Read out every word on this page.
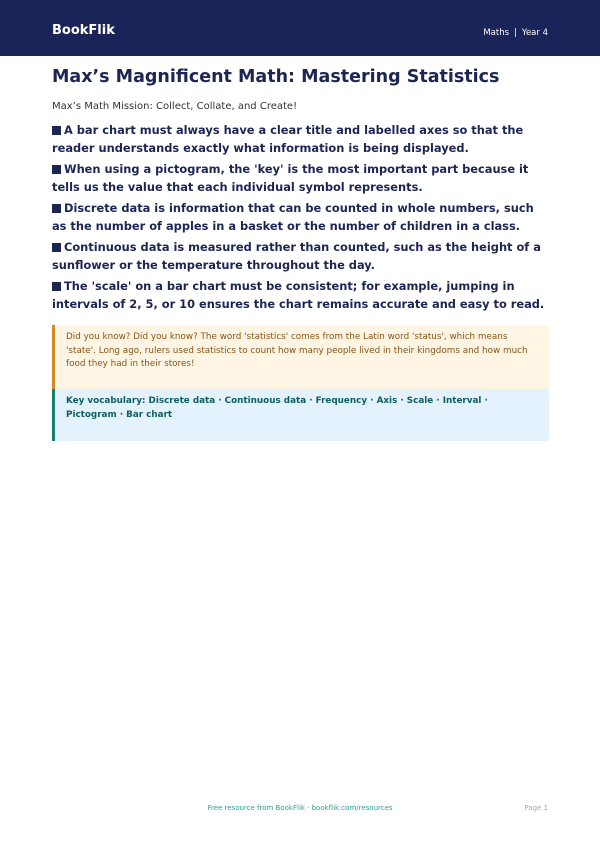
BookFlik	Maths | Year 4
Max’s Magnificent Math: Mastering Statistics
Max’s Math Mission: Collect, Collate, and Create!
A bar chart must always have a clear title and labelled axes so that the reader understands exactly what information is being displayed.
When using a pictogram, the 'key' is the most important part because it tells us the value that each individual symbol represents.
Discrete data is information that can be counted in whole numbers, such as the number of apples in a basket or the number of children in a class.
Continuous data is measured rather than counted, such as the height of a sunflower or the temperature throughout the day.
The 'scale' on a bar chart must be consistent; for example, jumping in intervals of 2, 5, or 10 ensures the chart remains accurate and easy to read.
Did you know? Did you know? The word 'statistics' comes from the Latin word 'status', which means 'state'. Long ago, rulers used statistics to count how many people lived in their kingdoms and how much food they had in their stores!
Key vocabulary: Discrete data · Continuous data · Frequency · Axis · Scale · Interval · Pictogram · Bar chart
Free resource from BookFlik · bookflik.com/resources	Page 1
